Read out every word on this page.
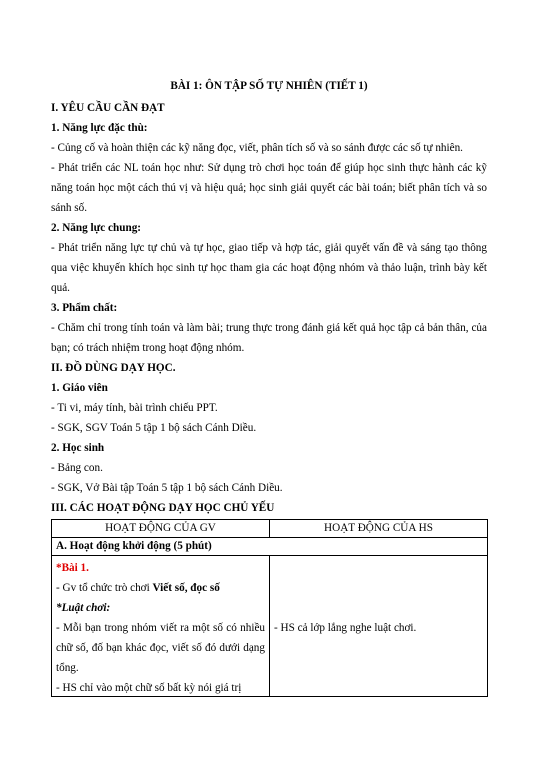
BÀI 1: ÔN TẬP SỐ TỰ NHIÊN (TIẾT 1)

I. YÊU CẦU CẦN ĐẠT

1. Năng lực đặc thù:

- Củng cố và hoàn thiện các kỹ năng đọc, viết, phân tích số và so sánh được các số tự nhiên.

- Phát triển các NL toán học như: Sử dụng trò chơi học toán để giúp học sinh thực hành các kỹ năng toán học một cách thú vị và hiệu quả; học sinh giải quyết các bài toán; biết phân tích và so sánh số.

2. Năng lực chung:

- Phát triển năng lực tự chủ và tự học, giao tiếp và hợp tác, giải quyết vấn đề và sáng tạo thông qua việc khuyến khích học sinh tự học tham gia các hoạt động nhóm và thảo luận, trình bày kết quả.

3. Phẩm chất:

- Chăm chỉ trong tính toán và làm bài; trung thực trong đánh giá kết quả học tập cả bản thân, của bạn; có trách nhiệm trong hoạt động nhóm.

II. ĐỒ DÙNG DẠY HỌC.

1. Giáo viên

- Ti vi, máy tính, bài trình chiếu PPT.

- SGK, SGV Toán 5 tập 1 bộ sách Cánh Diều.

2. Học sinh

- Bảng con.

- SGK, Vở Bài tập Toán 5 tập 1 bộ sách Cánh Diều.

III. CÁC HOẠT ĐỘNG DẠY HỌC CHỦ YẾU

HOẠT ĐỘNG CỦA GV	HOẠT ĐỘNG CỦA HS
A. Hoạt động khởi động (5 phút)	

*Bài 1.
- Gv tổ chức trò chơi Viết số, đọc số
*Luật chơi:
- Mỗi bạn trong nhóm viết ra một số có nhiều chữ số, đố bạn khác đọc, viết số đó dưới dạng tổng.
- HS chỉ vào một chữ số bất kỳ nói giá trị	- HS cả lớp lắng nghe luật chơi.
